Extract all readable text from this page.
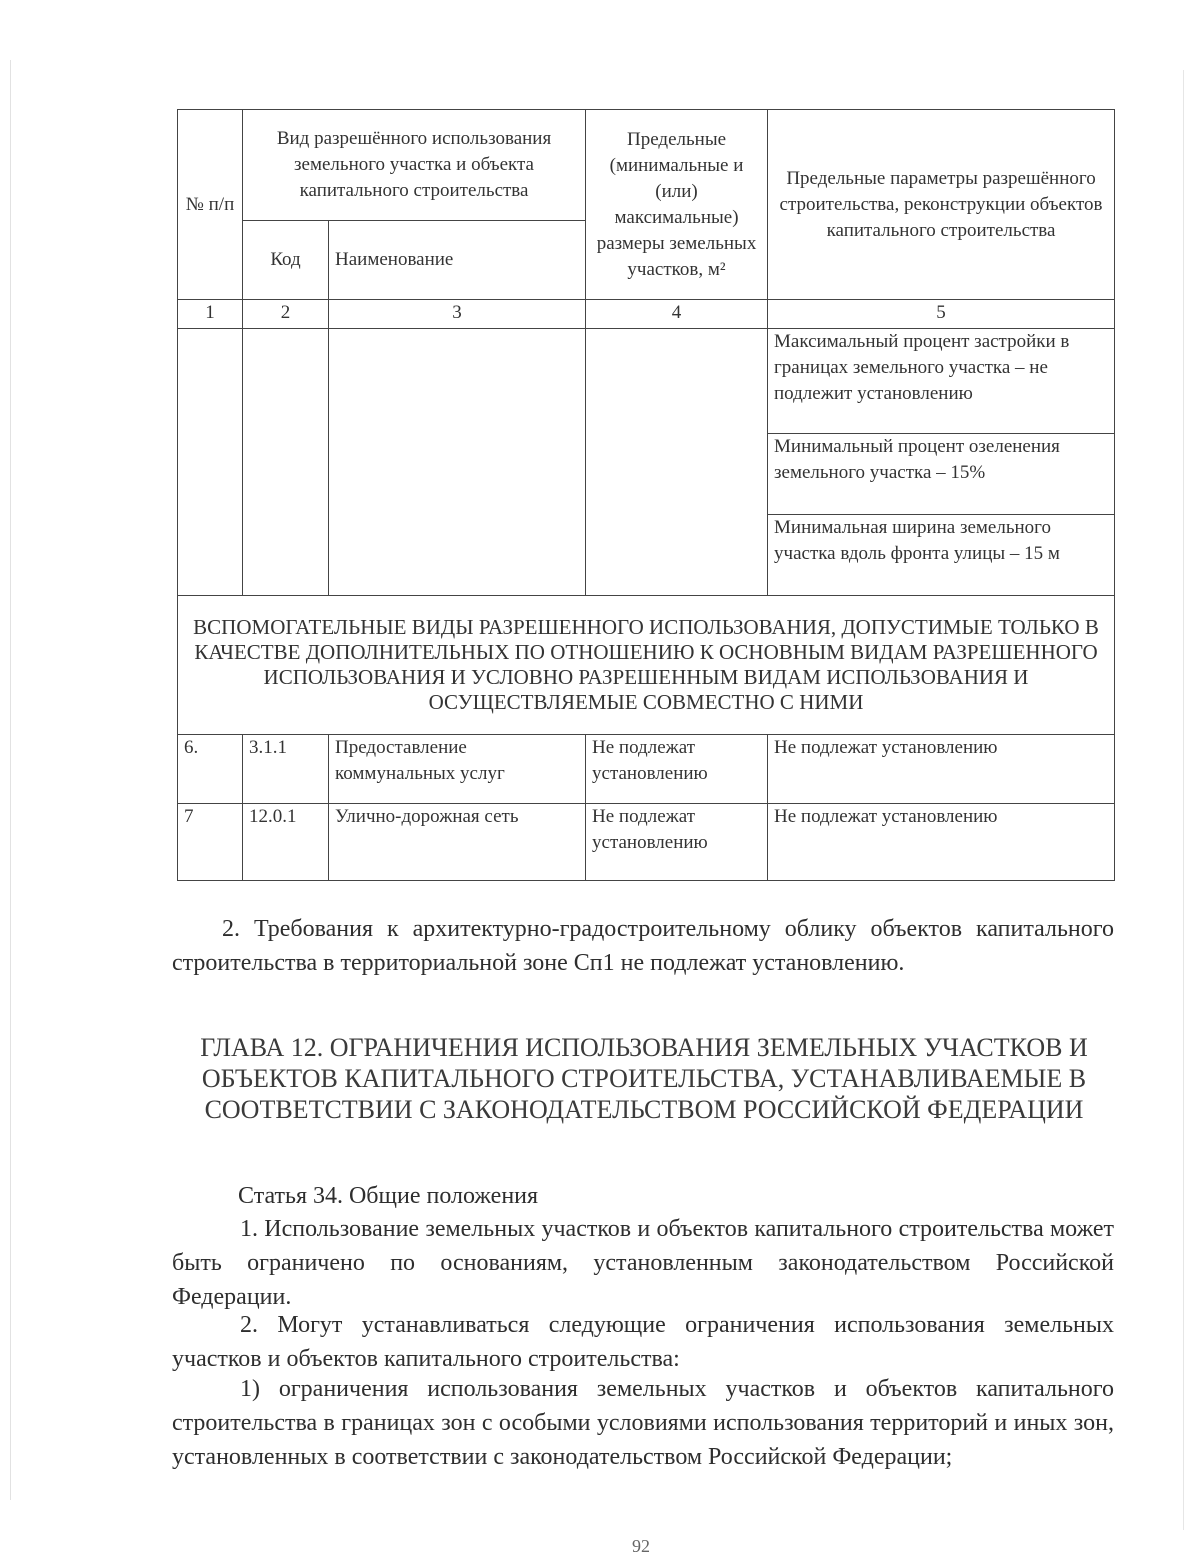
№ п/п	Вид разрешённого использования земельного участка и объекта капитального строительства		Предельные (минимальные и (или) максимальные) размеры земельных участков, м²	Предельные параметры разрешённого строительства, реконструкции объектов капитального строительства
	Код	Наименование		
1	2	3	4	5
				Максимальный процент застройки в границах земельного участка – не подлежит установлению
				Минимальный процент озеленения земельного участка – 15%
				Минимальная ширина земельного участка вдоль фронта улицы – 15 м
ВСПОМОГАТЕЛЬНЫЕ ВИДЫ РАЗРЕШЕННОГО ИСПОЛЬЗОВАНИЯ, ДОПУСТИМЫЕ ТОЛЬКО В КАЧЕСТВЕ ДОПОЛНИТЕЛЬНЫХ ПО ОТНОШЕНИЮ К ОСНОВНЫМ ВИДАМ РАЗРЕШЕННОГО ИСПОЛЬЗОВАНИЯ И УСЛОВНО РАЗРЕШЕННЫМ ВИДАМ ИСПОЛЬЗОВАНИЯ И ОСУЩЕСТВЛЯЕМЫЕ СОВМЕСТНО С НИМИ				
6.	3.1.1	Предоставление коммунальных услуг	Не подлежат установлению	Не подлежат установлению
7	12.0.1	Улично-дорожная сеть	Не подлежат установлению	Не подлежат установлению
2. Требования к архитектурно-градостроительному облику объектов капитального строительства в территориальной зоне Сп1 не подлежат установлению.
ГЛАВА 12. ОГРАНИЧЕНИЯ ИСПОЛЬЗОВАНИЯ ЗЕМЕЛЬНЫХ УЧАСТКОВ И ОБЪЕКТОВ КАПИТАЛЬНОГО СТРОИТЕЛЬСТВА, УСТАНАВЛИВАЕМЫЕ В СООТВЕТСТВИИ С ЗАКОНОДАТЕЛЬСТВОМ РОССИЙСКОЙ ФЕДЕРАЦИИ
Статья 34. Общие положения
1. Использование земельных участков и объектов капитального строительства может быть ограничено по основаниям, установленным законодательством Российской Федерации.
2. Могут устанавливаться следующие ограничения использования земельных участков и объектов капитального строительства:
1) ограничения использования земельных участков и объектов капитального строительства в границах зон с особыми условиями использования территорий и иных зон, установленных в соответствии с законодательством Российской Федерации;
92
